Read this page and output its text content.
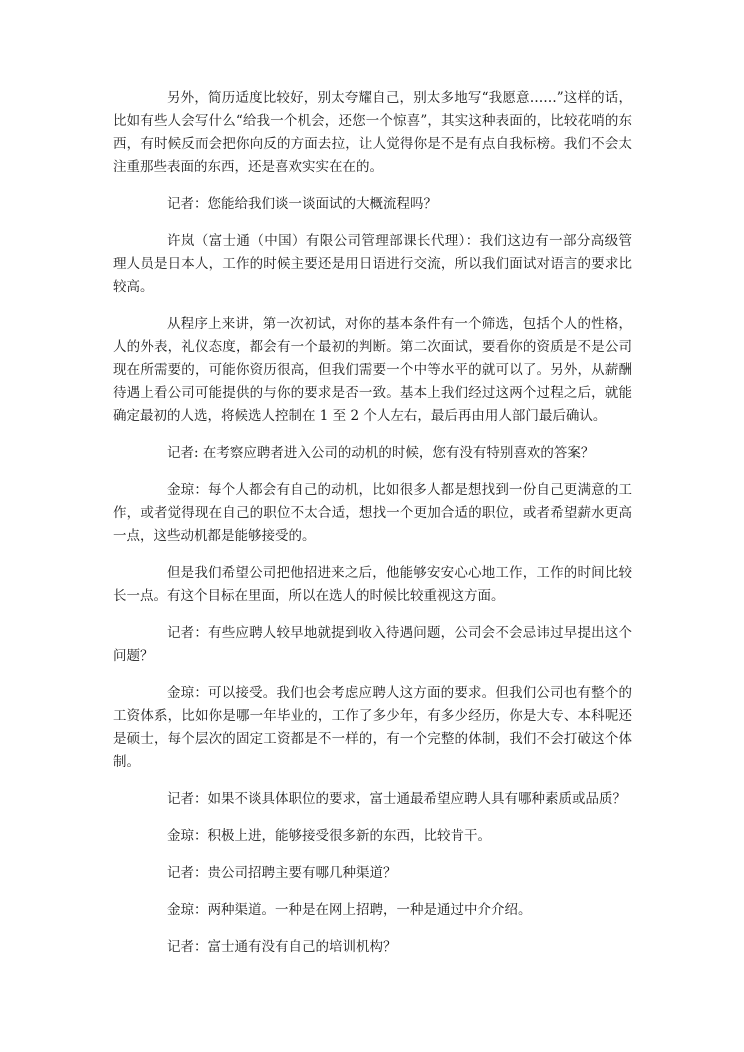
另外，简历适度比较好，别太夸耀自己，别太多地写“我愿意……”这样的话，比如有些人会写什么“给我一个机会，还您一个惊喜”，其实这种表面的，比较花哨的东西，有时候反而会把你向反的方面去拉，让人觉得你是不是有点自我标榜。我们不会太注重那些表面的东西，还是喜欢实实在在的。

记者：您能给我们谈一谈面试的大概流程吗？

许岚（富士通（中国）有限公司管理部课长代理）：我们这边有一部分高级管理人员是日本人，工作的时候主要还是用日语进行交流，所以我们面试对语言的要求比较高。

从程序上来讲，第一次初试，对你的基本条件有一个筛选，包括个人的性格，人的外表，礼仪态度，都会有一个最初的判断。第二次面试，要看你的资质是不是公司现在所需要的，可能你资历很高，但我们需要一个中等水平的就可以了。另外，从薪酬待遇上看公司可能提供的与你的要求是否一致。基本上我们经过这两个过程之后，就能确定最初的人选，将候选人控制在 1 至 2 个人左右，最后再由用人部门最后确认。

记者: 在考察应聘者进入公司的动机的时候，您有没有特别喜欢的答案？

金琼：每个人都会有自己的动机，比如很多人都是想找到一份自己更满意的工作，或者觉得现在自己的职位不太合适，想找一个更加合适的职位，或者希望薪水更高一点，这些动机都是能够接受的。

但是我们希望公司把他招进来之后，他能够安安心心地工作，工作的时间比较长一点。有这个目标在里面，所以在选人的时候比较重视这方面。

记者：有些应聘人较早地就提到收入待遇问题，公司会不会忌讳过早提出这个问题？

金琼：可以接受。我们也会考虑应聘人这方面的要求。但我们公司也有整个的工资体系，比如你是哪一年毕业的，工作了多少年，有多少经历，你是大专、本科呢还是硕士，每个层次的固定工资都是不一样的，有一个完整的体制，我们不会打破这个体制。

记者：如果不谈具体职位的要求，富士通最希望应聘人具有哪种素质或品质？

金琼：积极上进，能够接受很多新的东西，比较肯干。

记者：贵公司招聘主要有哪几种渠道？

金琼：两种渠道。一种是在网上招聘，一种是通过中介介绍。

记者：富士通有没有自己的培训机构？
